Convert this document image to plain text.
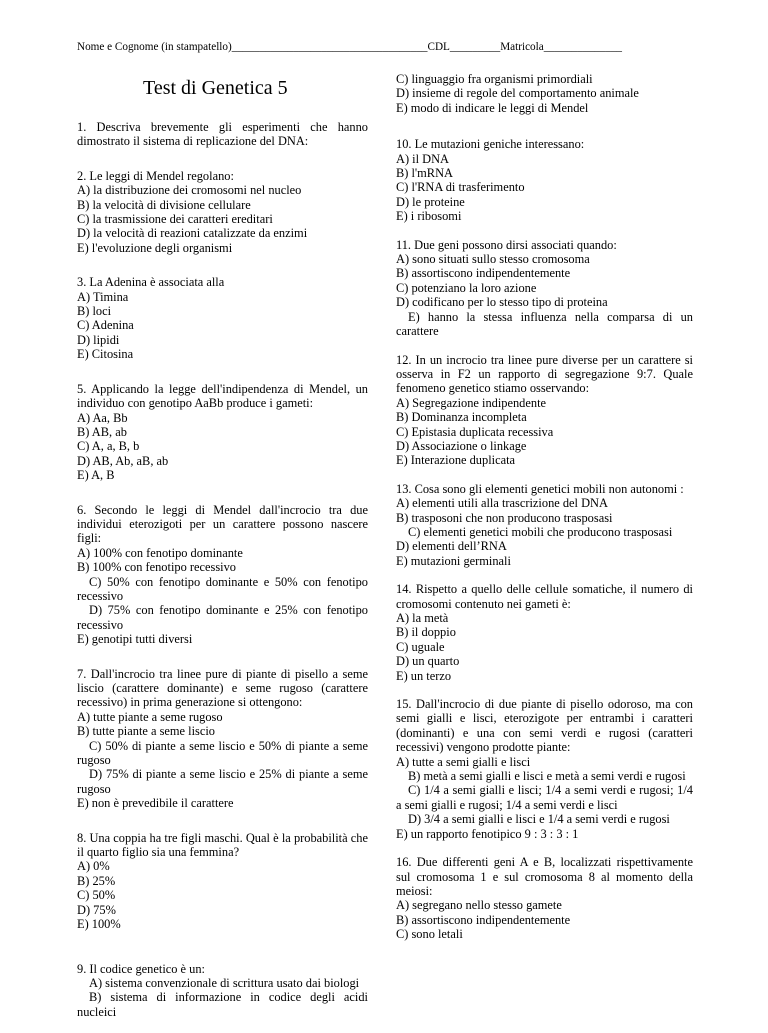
Nome e Cognome (in stampatello)___________________________________CDL_________Matricola______________
Test di Genetica 5

1. Descriva brevemente gli esperimenti che hanno dimostrato il sistema di replicazione del DNA:

2. Le leggi di Mendel regolano:

A) la distribuzione dei cromosomi nel nucleo

B) la velocità di divisione cellulare

C) la trasmissione dei caratteri ereditari

D) la velocità di reazioni catalizzate da enzimi

E) l'evoluzione degli organismi

3. La Adenina è associata alla

A) Timina

B) loci

C) Adenina

D) lipidi

E) Citosina

5. Applicando la legge dell'indipendenza di Mendel, un individuo con genotipo AaBb produce i gameti:

A) Aa, Bb

B) AB, ab

C) A, a, B, b

D) AB, Ab, aB, ab

E) A, B

6. Secondo le leggi di Mendel dall'incrocio tra due individui eterozigoti per un carattere possono nascere figli:

A) 100% con fenotipo dominante

B) 100% con fenotipo recessivo

C) 50% con fenotipo dominante e 50% con fenotipo recessivo

D) 75% con fenotipo dominante e 25% con fenotipo recessivo

E) genotipi tutti diversi

7. Dall'incrocio tra linee pure di piante di pisello a seme liscio (carattere dominante) e seme rugoso (carattere recessivo) in prima generazione si ottengono:

A) tutte piante a seme rugoso

B) tutte piante a seme liscio

C) 50% di piante a seme liscio e 50% di piante a seme rugoso

D) 75% di piante a seme liscio e 25% di piante a seme rugoso

E) non è prevedibile il carattere

8. Una coppia ha tre figli maschi. Qual è la probabilità che il quarto figlio sia una femmina?

A) 0%

B) 25%

C) 50%

D) 75%

E) 100%

9. Il codice genetico è un:

A) sistema convenzionale di scrittura usato dai biologi

B) sistema di informazione in codice degli acidi nucleici

C) linguaggio fra organismi primordiali

D) insieme di regole del comportamento animale

E) modo di indicare le leggi di Mendel

10. Le mutazioni geniche interessano:

A) il DNA

B) l'mRNA

C) l'RNA di trasferimento

D) le proteine

E) i ribosomi

11. Due geni possono dirsi associati quando:

A) sono situati sullo stesso cromosoma

B) assortiscono indipendentemente

C) potenziano la loro azione

D) codificano per lo stesso tipo di proteina

E) hanno la stessa influenza nella comparsa di un carattere

12. In un incrocio tra linee pure diverse per un carattere si osserva in F2 un rapporto di segregazione 9:7. Quale fenomeno genetico stiamo osservando:

A) Segregazione indipendente

B) Dominanza incompleta

C) Epistasia duplicata recessiva

D) Associazione o linkage

E) Interazione duplicata

13. Cosa sono gli elementi genetici mobili non autonomi :

A) elementi utili alla trascrizione del DNA

B) trasposoni che non producono trasposasi

C) elementi genetici mobili che producono trasposasi

D) elementi dell’RNA

E) mutazioni germinali

14. Rispetto a quello delle cellule somatiche, il numero di cromosomi contenuto nei gameti è:

A) la metà

B) il doppio

C) uguale

D) un quarto

E) un terzo

15. Dall'incrocio di due piante di pisello odoroso, ma con semi gialli e lisci, eterozigote per entrambi i caratteri (dominanti) e una con semi verdi e rugosi (caratteri recessivi) vengono prodotte piante:

A) tutte a semi gialli e lisci

B) metà a semi gialli e lisci e metà a semi verdi e rugosi

C) 1/4 a semi gialli e lisci; 1/4 a semi verdi e rugosi; 1/4 a semi gialli e rugosi; 1/4 a semi verdi e lisci

D) 3/4 a semi gialli e lisci e 1/4 a semi verdi e rugosi

E) un rapporto fenotipico 9 : 3 : 3 : 1

16. Due differenti geni A e B, localizzati rispettivamente sul cromosoma 1 e sul cromosoma 8 al momento della meiosi:

A) segregano nello stesso gamete

B) assortiscono indipendentemente

C) sono letali
